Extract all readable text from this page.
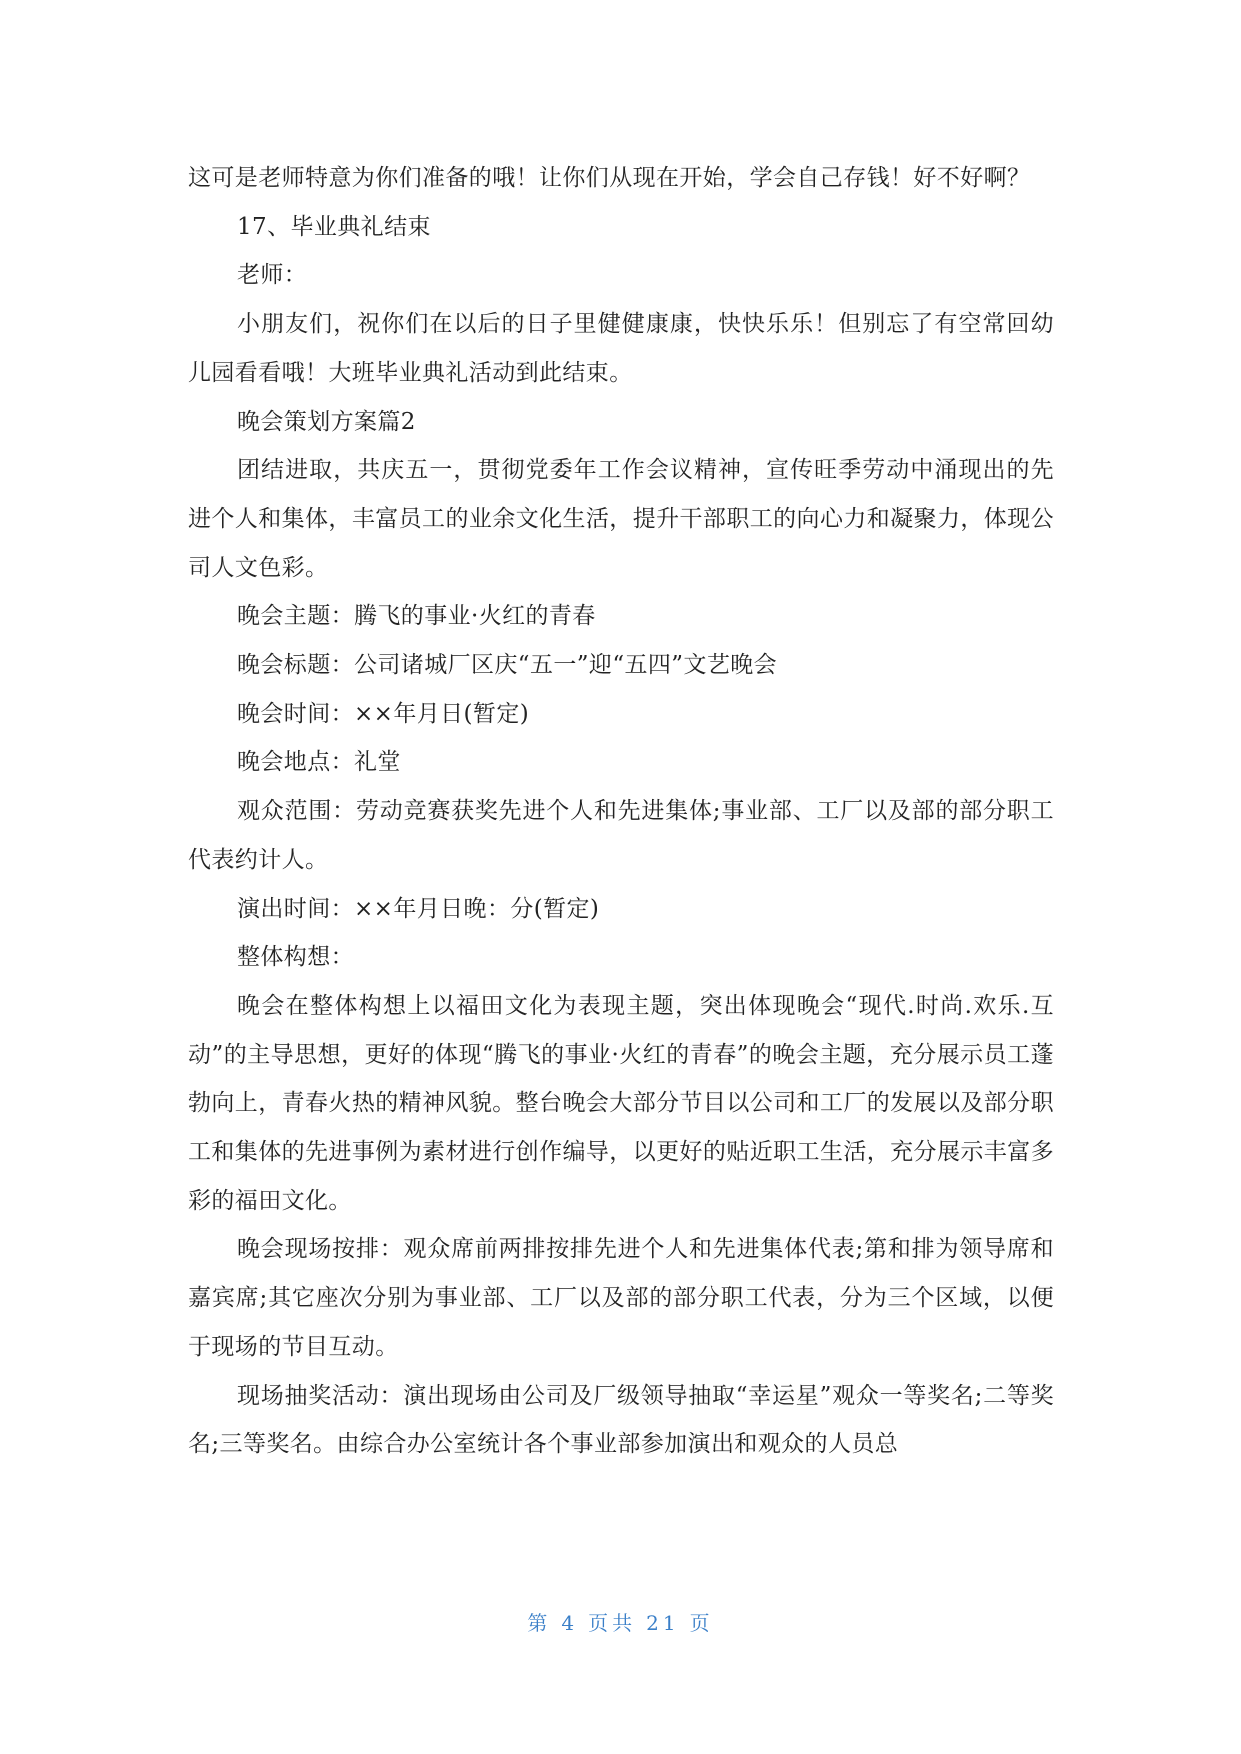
这可是老师特意为你们准备的哦！让你们从现在开始，学会自己存钱！好不好啊？

17、毕业典礼结束

老师：

小朋友们，祝你们在以后的日子里健健康康，快快乐乐！但别忘了有空常回幼儿园看看哦！大班毕业典礼活动到此结束。

晚会策划方案篇2

团结进取，共庆五一，贯彻党委年工作会议精神，宣传旺季劳动中涌现出的先进个人和集体，丰富员工的业余文化生活，提升干部职工的向心力和凝聚力，体现公司人文色彩。

晚会主题：腾飞的事业·火红的青春

晚会标题：公司诸城厂区庆“五一”迎“五四”文艺晚会

晚会时间：××年月日(暂定)

晚会地点：礼堂

观众范围：劳动竞赛获奖先进个人和先进集体;事业部、工厂以及部的部分职工代表约计人。

演出时间：××年月日晚：分(暂定)

整体构想：

晚会在整体构想上以福田文化为表现主题，突出体现晚会“现代.时尚.欢乐.互动”的主导思想，更好的体现“腾飞的事业·火红的青春”的晚会主题，充分展示员工蓬勃向上，青春火热的精神风貌。整台晚会大部分节目以公司和工厂的发展以及部分职工和集体的先进事例为素材进行创作编导，以更好的贴近职工生活，充分展示丰富多彩的福田文化。

晚会现场按排：观众席前两排按排先进个人和先进集体代表;第和排为领导席和嘉宾席;其它座次分别为事业部、工厂以及部的部分职工代表，分为三个区域，以便于现场的节目互动。

现场抽奖活动：演出现场由公司及厂级领导抽取“幸运星”观众一等奖名;二等奖名;三等奖名。由综合办公室统计各个事业部参加演出和观众的人员总

第 4 页共 21 页
